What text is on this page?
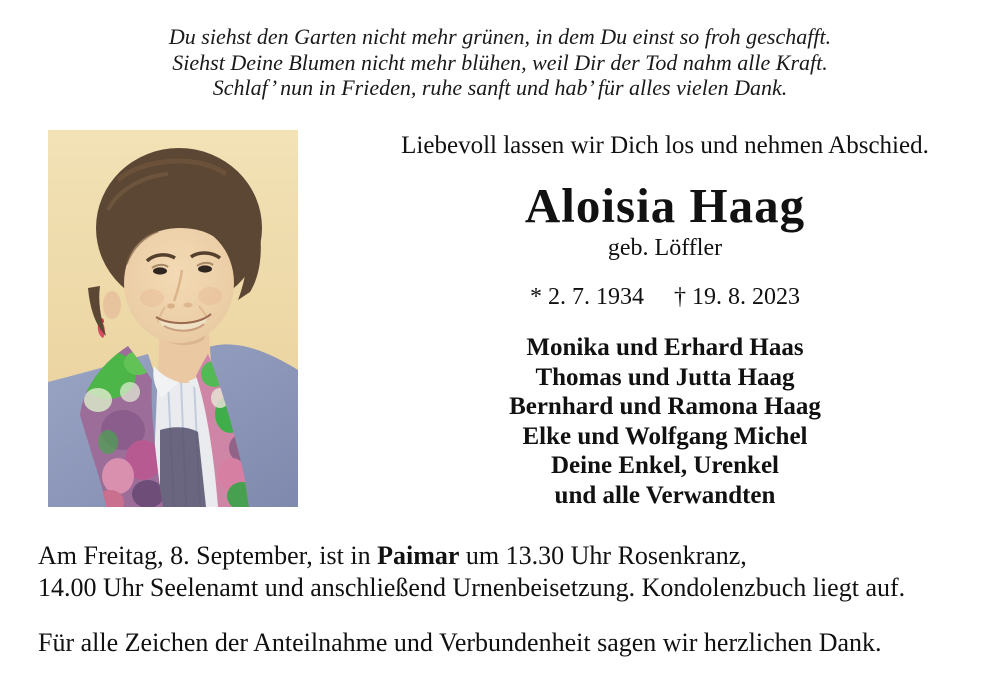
Du siehst den Garten nicht mehr grünen, in dem Du einst so froh geschafft.
Siehst Deine Blumen nicht mehr blühen, weil Dir der Tod nahm alle Kraft.
Schlaf’ nun in Frieden, ruhe sanft und hab’ für alles vielen Dank.
Liebevoll lassen wir Dich los und nehmen Abschied.
Aloisia Haag
geb. Löffler
* 2. 7. 1934 † 19. 8. 2023
Monika und Erhard Haas
Thomas und Jutta Haag
Bernhard und Ramona Haag
Elke und Wolfgang Michel
Deine Enkel, Urenkel
und alle Verwandten
Am Freitag, 8. September, ist in Paimar um 13.30 Uhr Rosenkranz,
14.00 Uhr Seelenamt und anschließend Urnenbeisetzung. Kondolenzbuch liegt auf.
Für alle Zeichen der Anteilnahme und Verbundenheit sagen wir herzlichen Dank.
